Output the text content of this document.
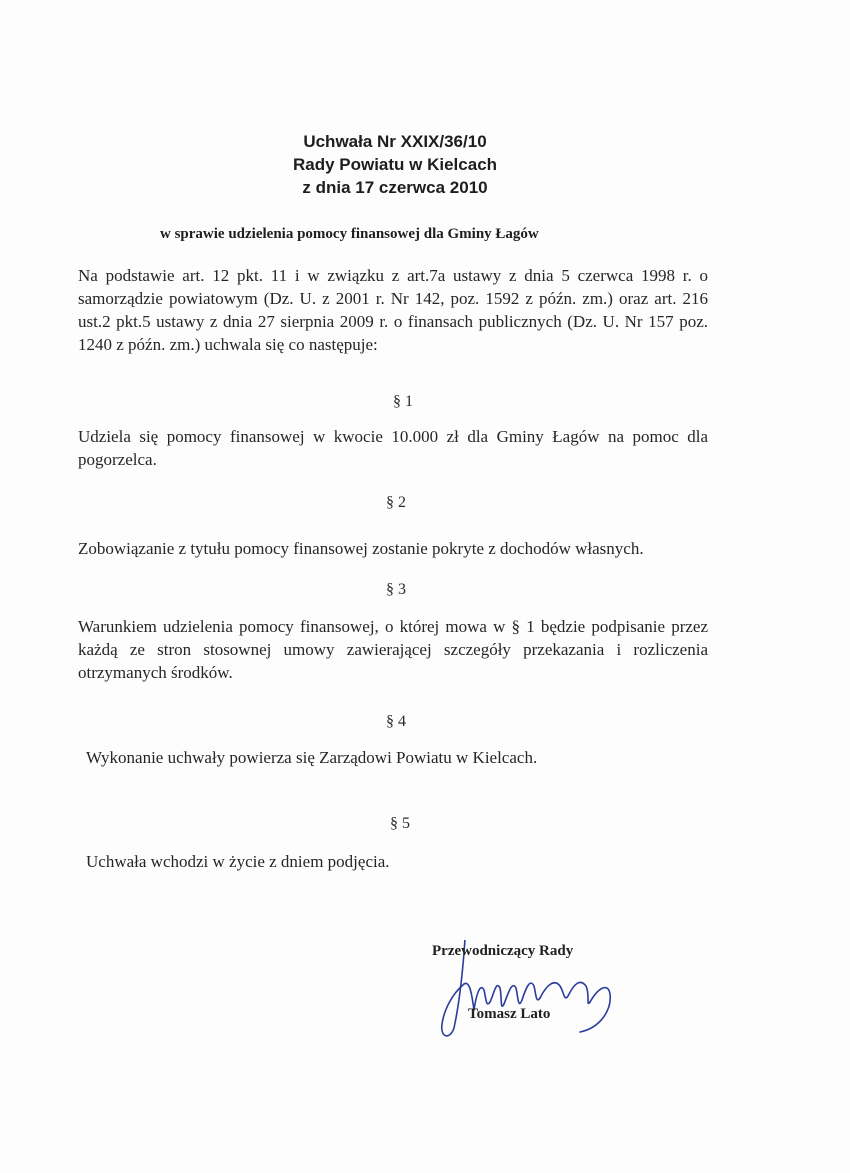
Uchwała Nr XXIX/36/10
Rady Powiatu w Kielcach
z dnia 17 czerwca 2010
w sprawie udzielenia pomocy finansowej dla Gminy Łagów
Na podstawie art. 12 pkt. 11 i w związku z art.7a ustawy z dnia 5 czerwca 1998 r. o samorządzie powiatowym (Dz. U. z 2001 r. Nr 142, poz. 1592 z późn. zm.) oraz art. 216 ust.2 pkt.5 ustawy z dnia 27 sierpnia 2009 r. o finansach publicznych (Dz. U. Nr 157 poz. 1240 z późn. zm.) uchwala się co następuje:
§ 1
Udziela się pomocy finansowej w kwocie 10.000 zł dla Gminy Łagów na pomoc dla pogorzelca.
§ 2
Zobowiązanie z tytułu pomocy finansowej zostanie pokryte z dochodów własnych.
§ 3
Warunkiem udzielenia pomocy finansowej, o której mowa w § 1 będzie podpisanie przez każdą ze stron stosownej umowy zawierającej szczegóły przekazania i rozliczenia otrzymanych środków.
§ 4
Wykonanie uchwały powierza się Zarządowi Powiatu w Kielcach.
§ 5
Uchwała wchodzi w życie z dniem podjęcia.
Przewodniczący Rady
Tomasz Lato
